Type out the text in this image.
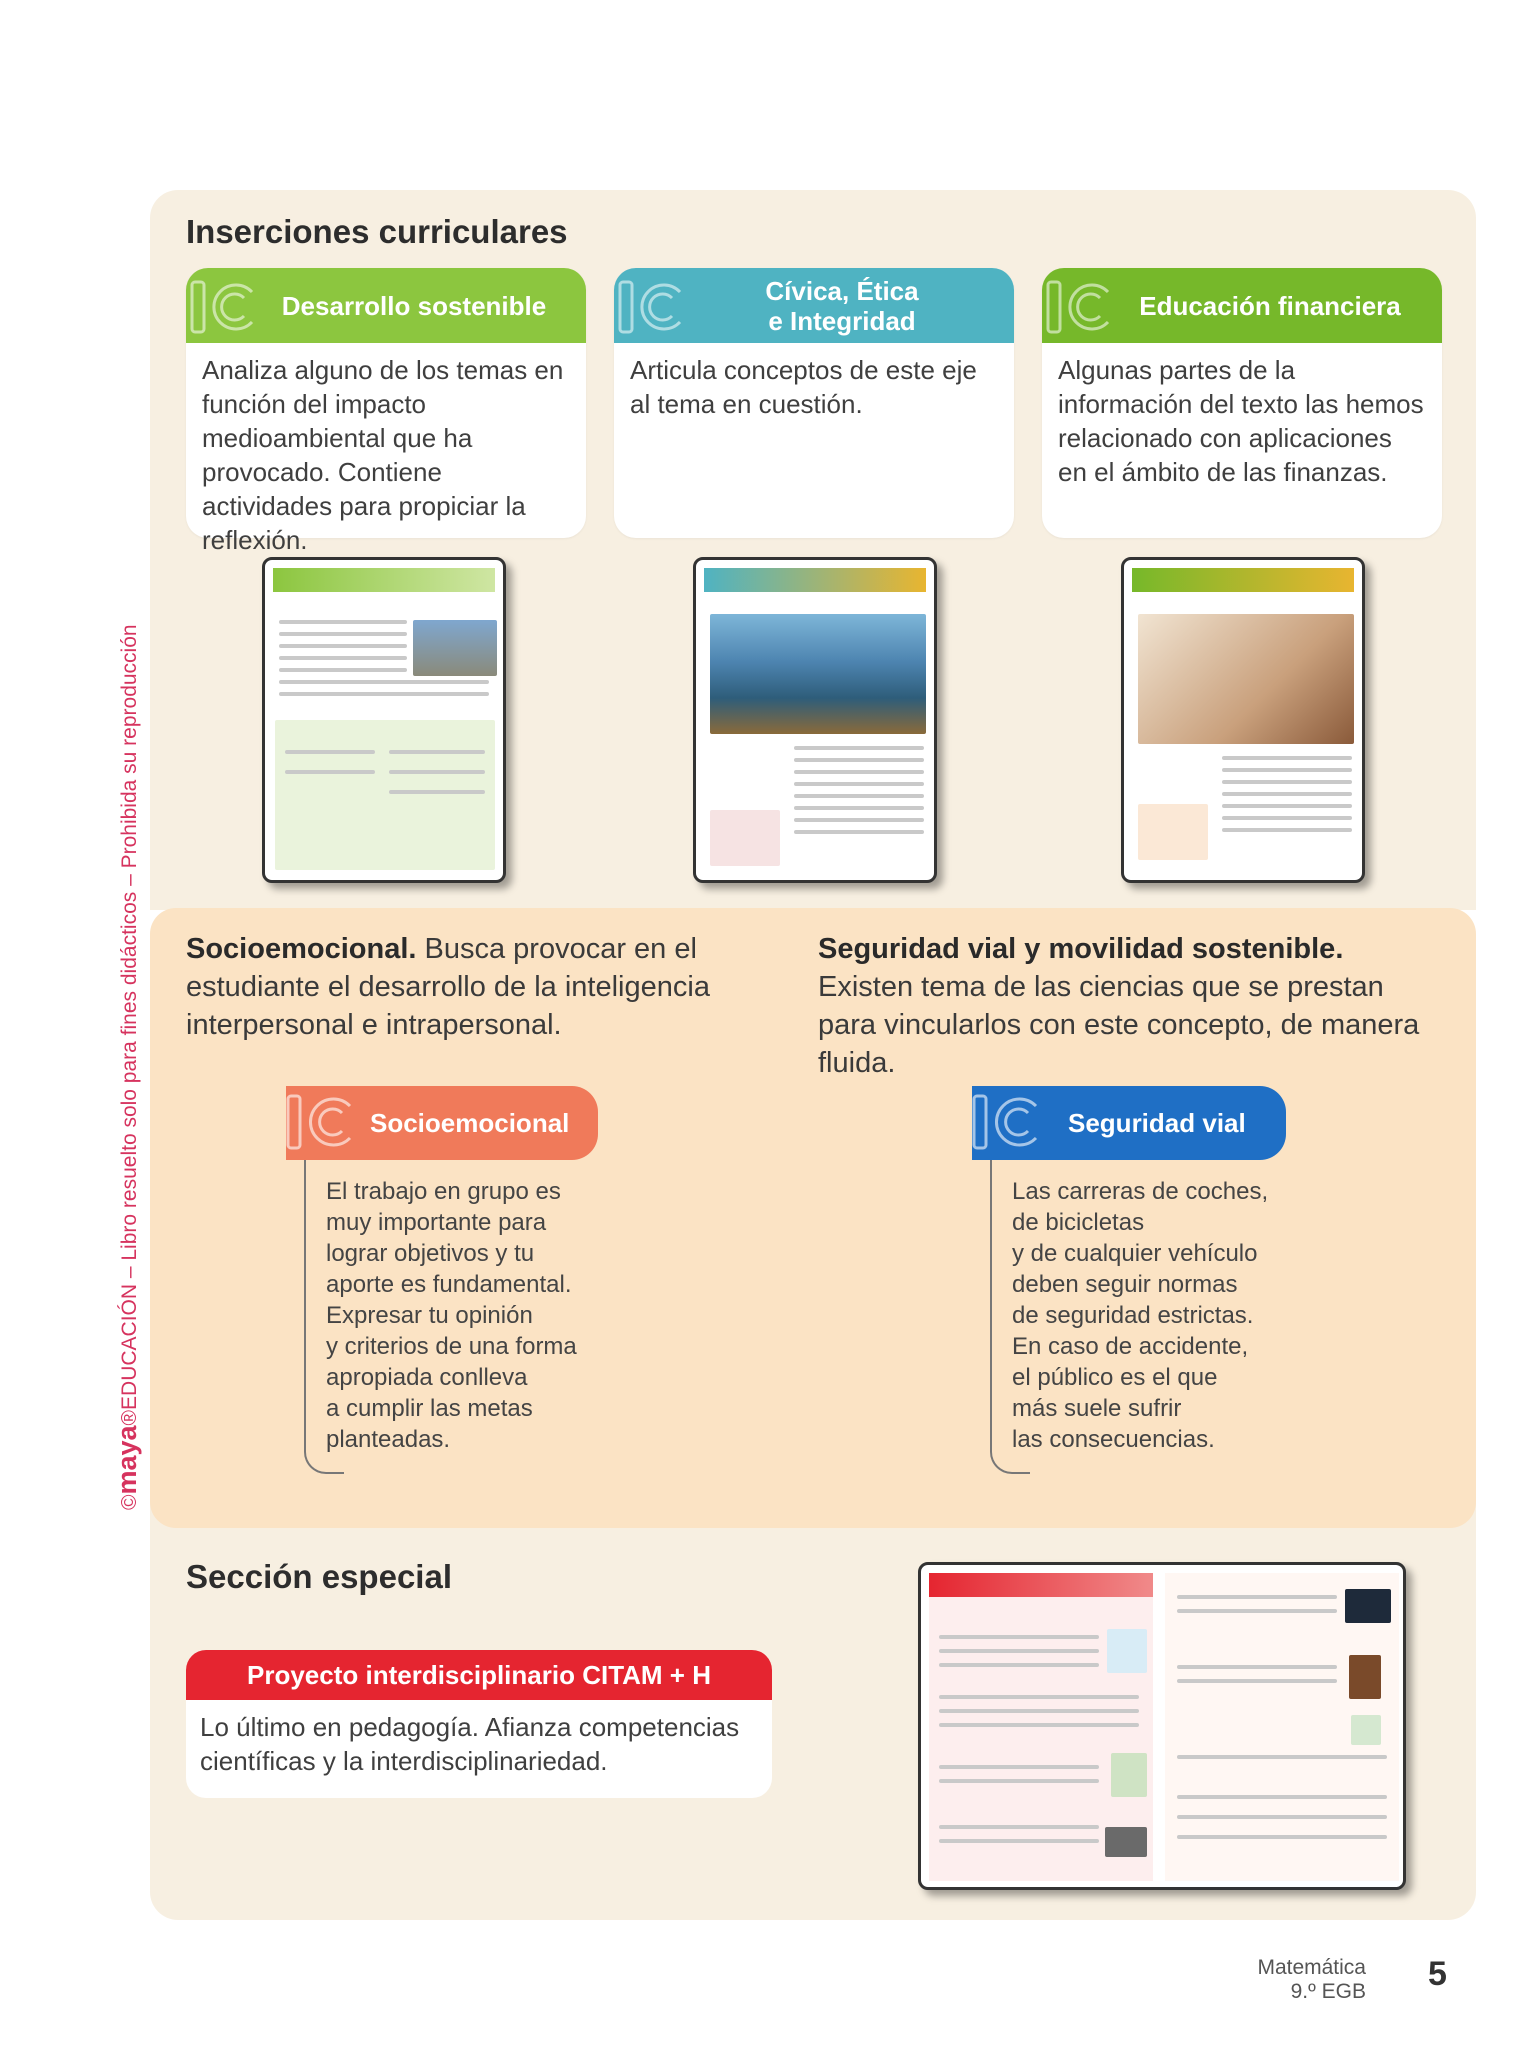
©maya®EDUCACIÓN – Libro resuelto solo para fines didácticos – Prohibida su reproducción
Inserciones curriculares
Desarrollo sostenible
Analiza alguno de los temas en función del impacto medioambiental que ha provocado. Contiene actividades para propiciar la reflexión.
Cívica, Ética
e Integridad
Articula conceptos de este eje al tema en cuestión.
Educación financiera
Algunas partes de la información del texto las hemos relacionado con aplicaciones en el ámbito de las finanzas.
Socioemocional. Busca provocar en el estudiante el desarrollo de la inteligencia interpersonal e intrapersonal.
Seguridad vial y movilidad sostenible. Existen tema de las ciencias que se prestan para vincularlos con este concepto, de manera fluida.
Socioemocional
El trabajo en grupo es
muy importante para
lograr objetivos y tu
aporte es fundamental.
Expresar tu opinión
y criterios de una forma
apropiada conlleva
a cumplir las metas
planteadas.
Seguridad vial
Las carreras de coches,
de bicicletas
y de cualquier vehículo
deben seguir normas
de seguridad estrictas.
En caso de accidente,
el público es el que
más suele sufrir
las consecuencias.
Sección especial
Proyecto interdisciplinario CITAM + H
Lo último en pedagogía. Afianza competencias científicas y la interdisciplinariedad.
Matemática
9.º EGB 5
